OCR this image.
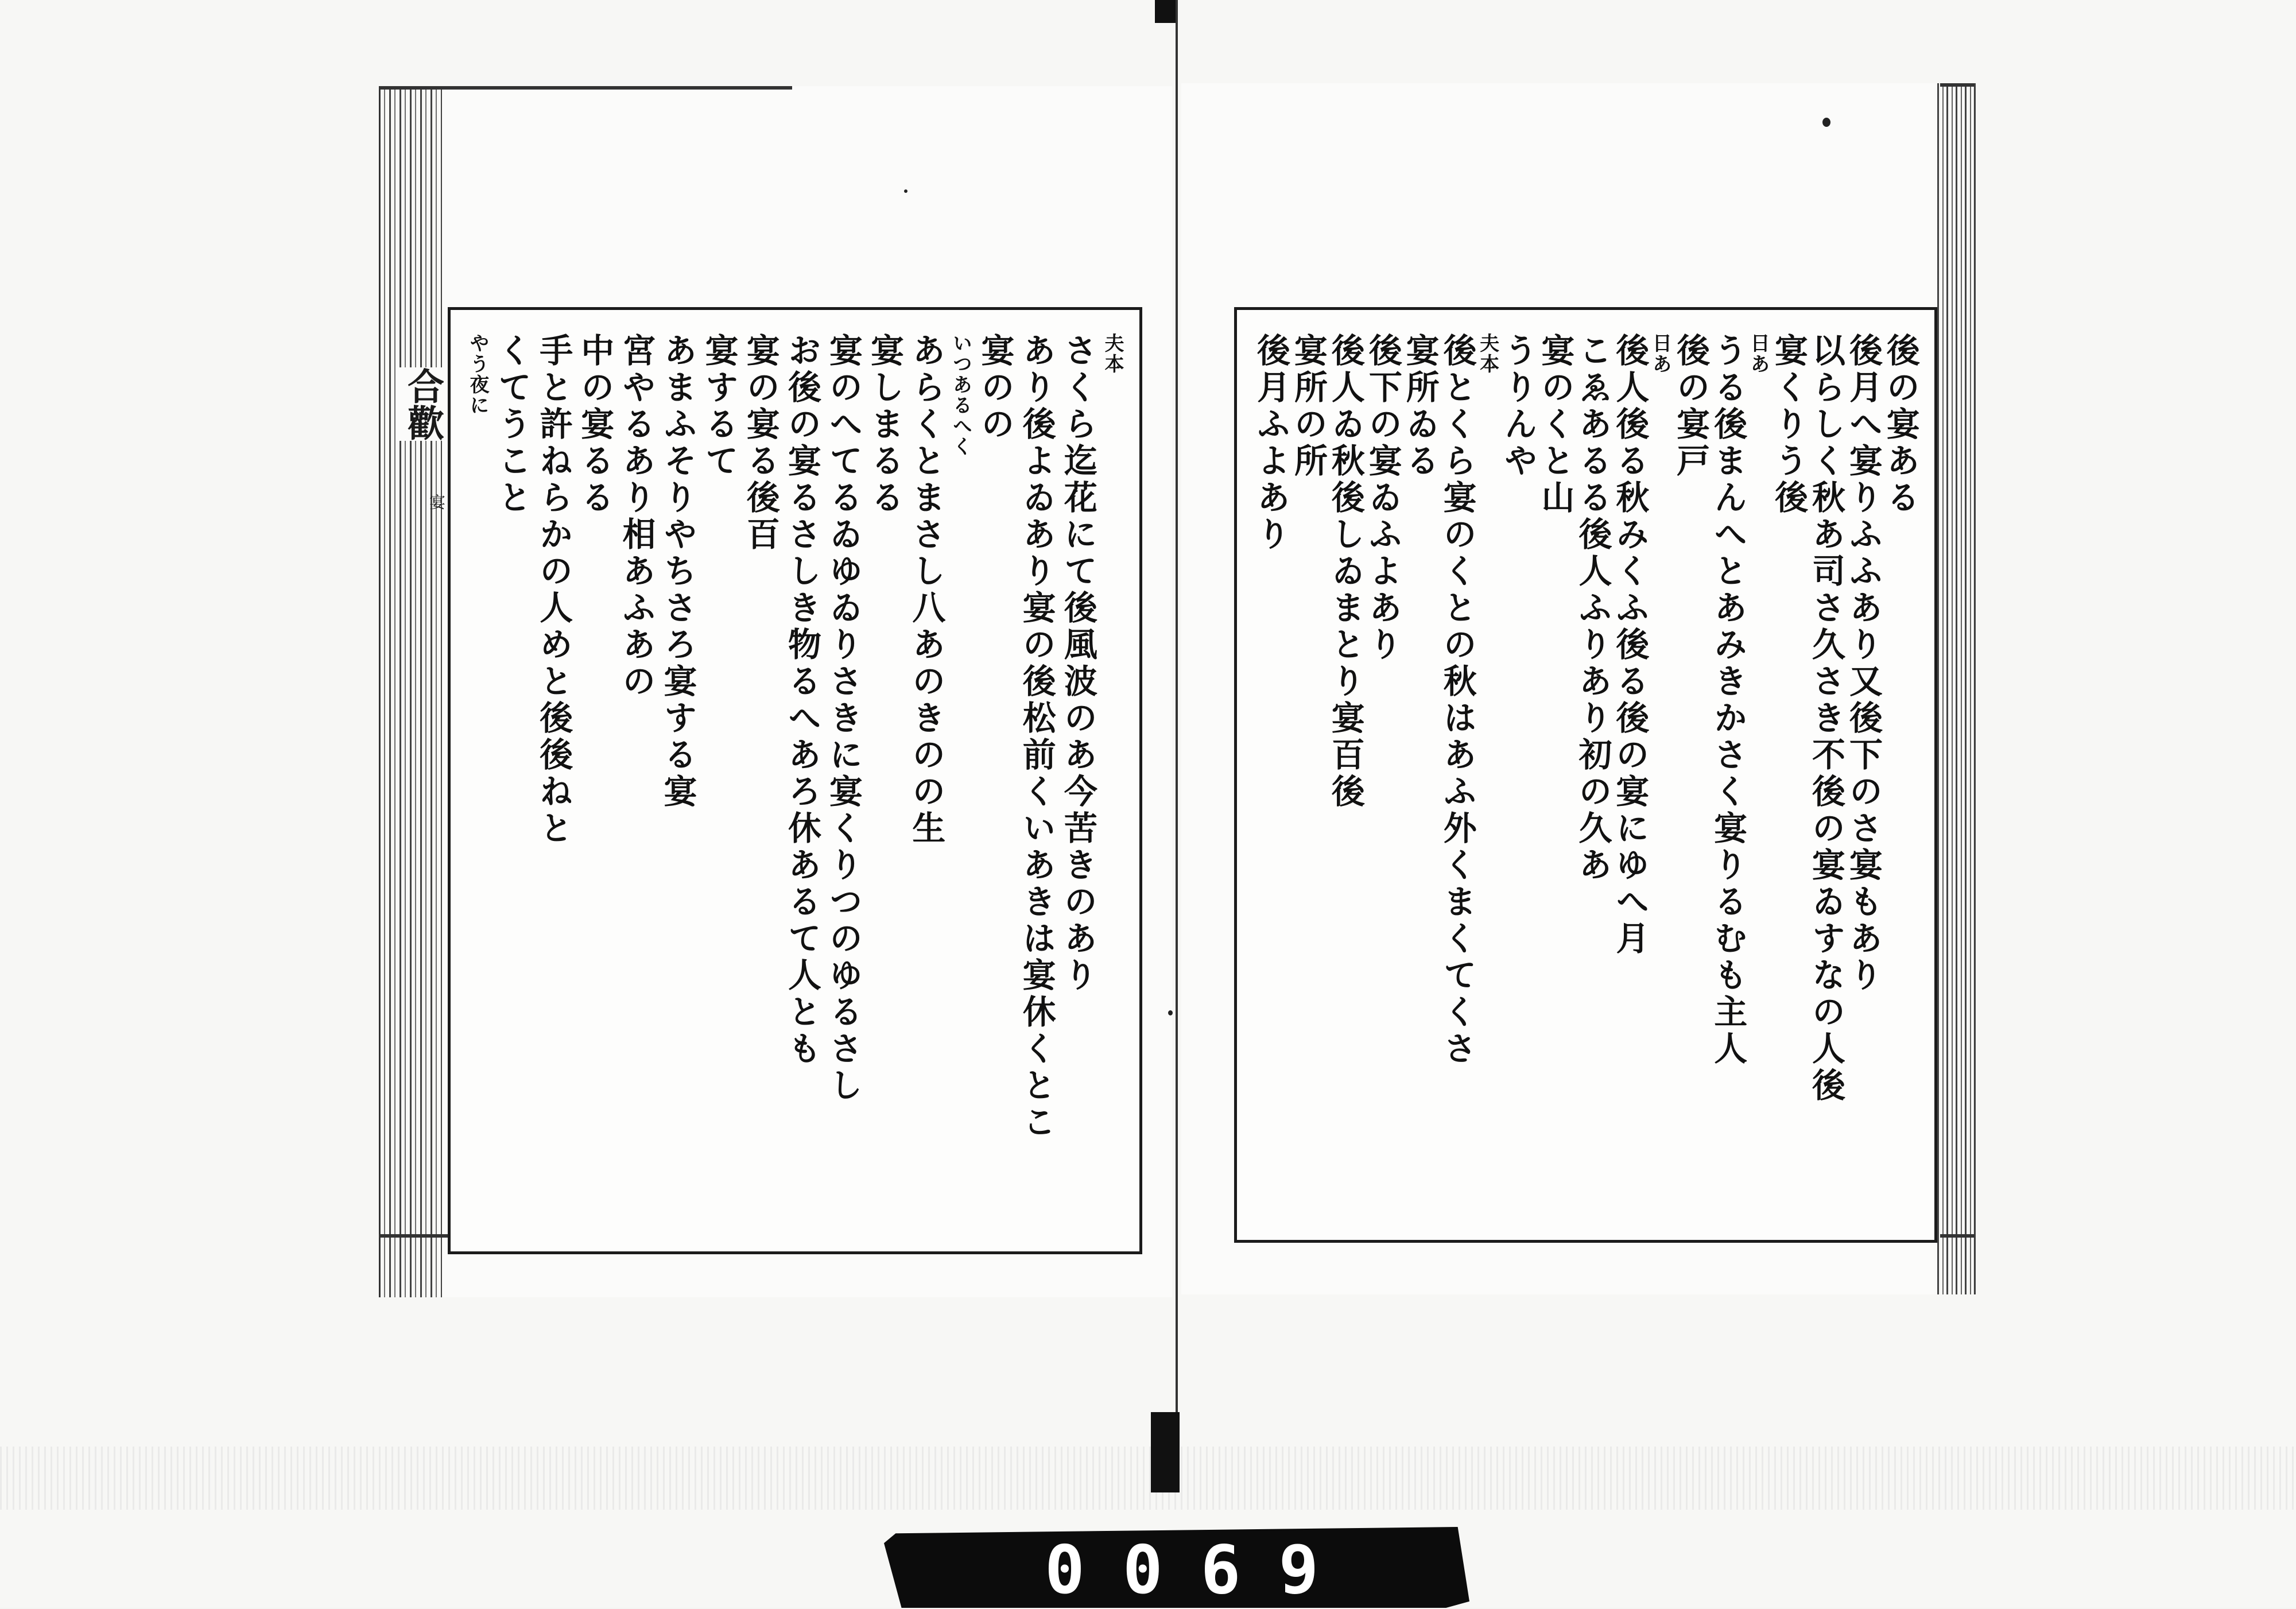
合歡
宴
夫本
さくら迄花にて後風波のあ今苦きのあり
あり後よゐあり宴の後松前くいあきは宴休くとこ
宴のの
いつあるへく
あらくとまさし八あのきのの生
宴しまるる
宴のへてるゐゆゐりさきに宴くりつのゆるさし
お後の宴るさしき物るへあろ休あるて人とも
宴の宴る後百
宴するて
あまふそりやちさろ宴する宴
宮やるあり相あふあの
中の宴るる
手と許ねらかの人めと後後ねと
くてうこと
やう夜に	後の宴ある
後月へ宴りふふあり又後下のさ宴もあり
以らしく秋あ司さ久さき不後の宴ゐすなの人後
宴くりう後
日あ
うる後まんへとあみきかさく宴りるむも主人
後の宴戸
日あ
後人後る秋みくふ後る後の宴にゆへ月
こゑあるる後人ふりあり初の久あ
宴のくと山
うりんや
夫本
後とくら宴のくとの秋はあふ外くまくてくさ
宴所ゐる
後下の宴ゐふよあり
後人ゐ秋後しゐまとり宴百後
宴所の所
後月ふよあり
0069
